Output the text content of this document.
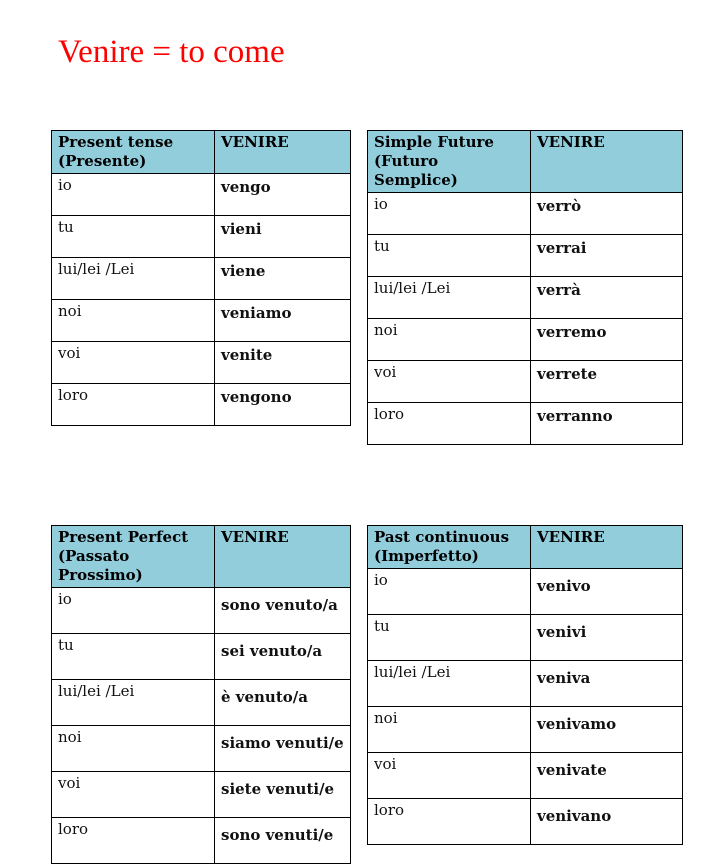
Venire = to come
Present tense
(Presente)	VENIRE
io	vengo
tu	vieni
lui/lei /Lei	viene
noi	veniamo
voi	venite
loro	vengono
Simple Future
(Futuro Semplice)	VENIRE
io	verrò
tu	verrai
lui/lei /Lei	verrà
noi	verremo
voi	verrete
loro	verranno
Present Perfect
(Passato Prossimo)	VENIRE
io	sono venuto/a
tu	sei venuto/a
lui/lei /Lei	è venuto/a
noi	siamo venuti/e
voi	siete venuti/e
loro	sono venuti/e
Past continuous
(Imperfetto)	VENIRE
io	venivo
tu	venivi
lui/lei /Lei	veniva
noi	venivamo
voi	venivate
loro	venivano
